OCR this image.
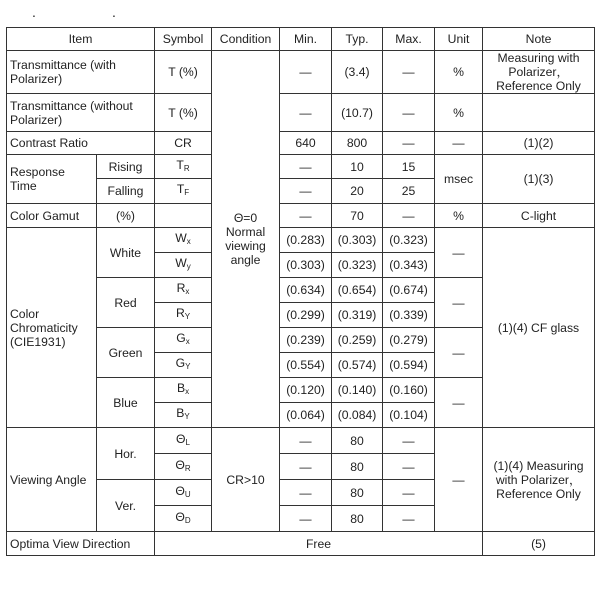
.	.
Item		Symbol	Condition	Min.	Typ.	Max.	Unit	Note
Transmittance (with Polarizer)		T (%)	Θ=0 Normal viewing angle	—	(3.4)	—	%	Measuring with Polarizer， Reference Only
Transmittance (without Polarizer)		T (%)		—	(10.7)	—	%	
Contrast Ratio		CR		640	800	—	—	(1)(2)
Response Time	Rising	$T_R$		—	10	15	msec	(1)(3)
	Falling	$T_F$		—	20	25		
Color Gamut	(%)			—	70	—	%	C-light
Color Chromaticity (CIE1931)	White	$W_x$		(0.283)	(0.303)	(0.323)	—	(1)(4) CF glass
		$W_y$		(0.303)	(0.323)	(0.343)		
	Red	$R_x$		(0.634)	(0.654)	(0.674)	—	
		$R_Y$		(0.299)	(0.319)	(0.339)		
	Green	$G_x$		(0.239)	(0.259)	(0.279)	—	
		$G_Y$		(0.554)	(0.574)	(0.594)		
	Blue	$B_x$		(0.120)	(0.140)	(0.160)	—	
		$B_Y$		(0.064)	(0.084)	(0.104)		
Viewing Angle	Hor.	$\Theta_L$	CR>10	—	80	—	—	(1)(4) Measuring with Polarizer， Reference Only
		$\Theta_R$		—	80	—		
	Ver.	$\Theta_U$		—	80	—		
		$\Theta_D$		—	80	—		
Optima View Direction		Free						(5)
